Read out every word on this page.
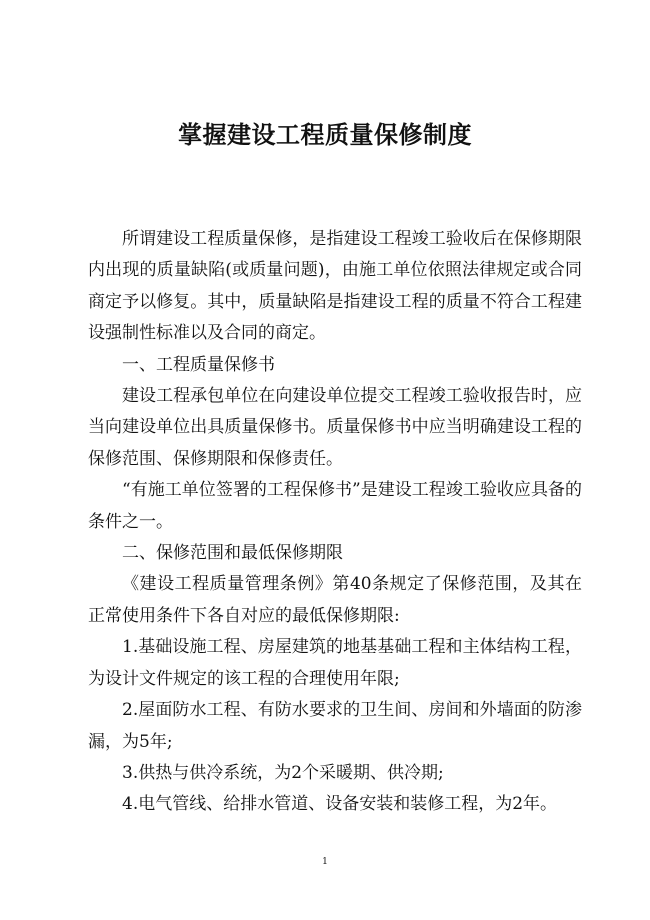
掌握建设工程质量保修制度

所谓建设工程质量保修，是指建设工程竣工验收后在保修期限内出现的质量缺陷(或质量问题)，由施工单位依照法律规定或合同商定予以修复。其中，质量缺陷是指建设工程的质量不符合工程建设强制性标准以及合同的商定。

一、工程质量保修书

建设工程承包单位在向建设单位提交工程竣工验收报告时，应当向建设单位出具质量保修书。质量保修书中应当明确建设工程的保修范围、保修期限和保修责任。

“有施工单位签署的工程保修书”是建设工程竣工验收应具备的条件之一。

二、保修范围和最低保修期限

《建设工程质量管理条例》第40条规定了保修范围，及其在正常使用条件下各自对应的最低保修期限:

1.基础设施工程、房屋建筑的地基基础工程和主体结构工程，为设计文件规定的该工程的合理使用年限;

2.屋面防水工程、有防水要求的卫生间、房间和外墙面的防渗漏，为5年;

3.供热与供冷系统，为2个采暖期、供冷期;

4.电气管线、给排水管道、设备安装和装修工程，为2年。

1
